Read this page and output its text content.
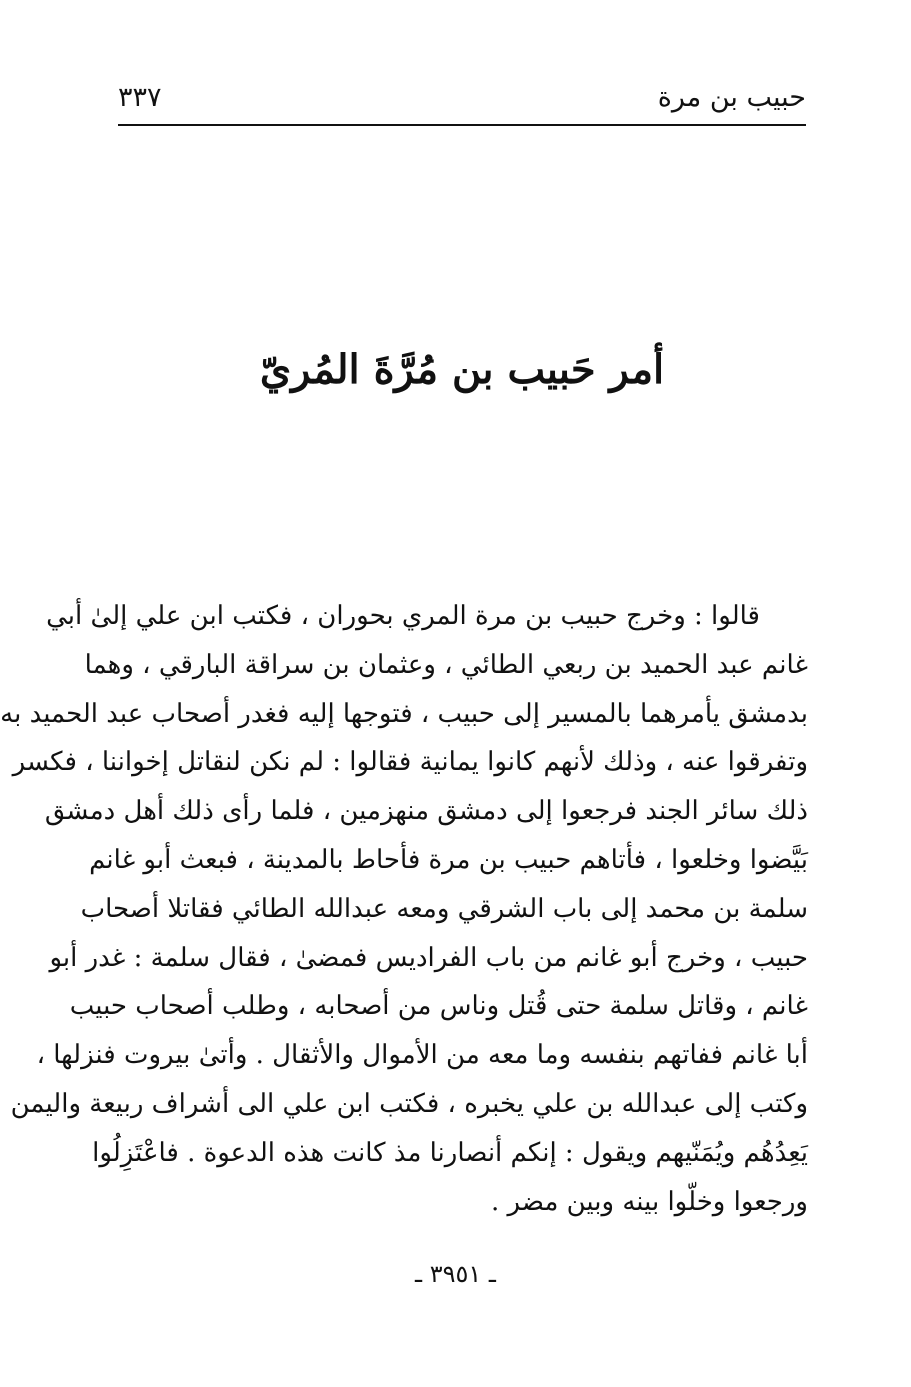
حبيب بن مرة
٣٣٧
أمر حَبيب بن مُرَّةَ المُريّ
قالوا : وخرج حبيب بن مرة المري بحوران ، فكتب ابن علي إلىٰ أبي
غانم عبد الحميد بن ربعي الطائي ، وعثمان بن سراقة البارقي ، وهما
بدمشق يأمرهما بالمسير إلى حبيب ، فتوجها إليه فغدر أصحاب عبد الحميد به
وتفرقوا عنه ، وذلك لأنهم كانوا يمانية فقالوا : لم نكن لنقاتل إخواننا ، فكسر
ذلك سائر الجند فرجعوا إلى دمشق منهزمين ، فلما رأى ذلك أهل دمشق
بَيَّضوا وخلعوا ، فأتاهم حبيب بن مرة فأحاط بالمدينة ، فبعث أبو غانم
سلمة بن محمد إلى باب الشرقي ومعه عبدالله الطائي فقاتلا أصحاب
حبيب ، وخرج أبو غانم من باب الفراديس فمضىٰ ، فقال سلمة : غدر أبو
غانم ، وقاتل سلمة حتى قُتل وناس من أصحابه ، وطلب أصحاب حبيب
أبا غانم ففاتهم بنفسه وما معه من الأموال والأثقال . وأتىٰ بيروت فنزلها ،
وكتب إلى عبدالله بن علي يخبره ، فكتب ابن علي الى أشراف ربيعة واليمن
يَعِدُهُم ويُمَنّيهم ويقول : إنكم أنصارنا مذ كانت هذه الدعوة . فاعْتَزِلُوا
ورجعوا وخلّوا بينه وبين مضر .
ـ ٣٩٥١ ـ
